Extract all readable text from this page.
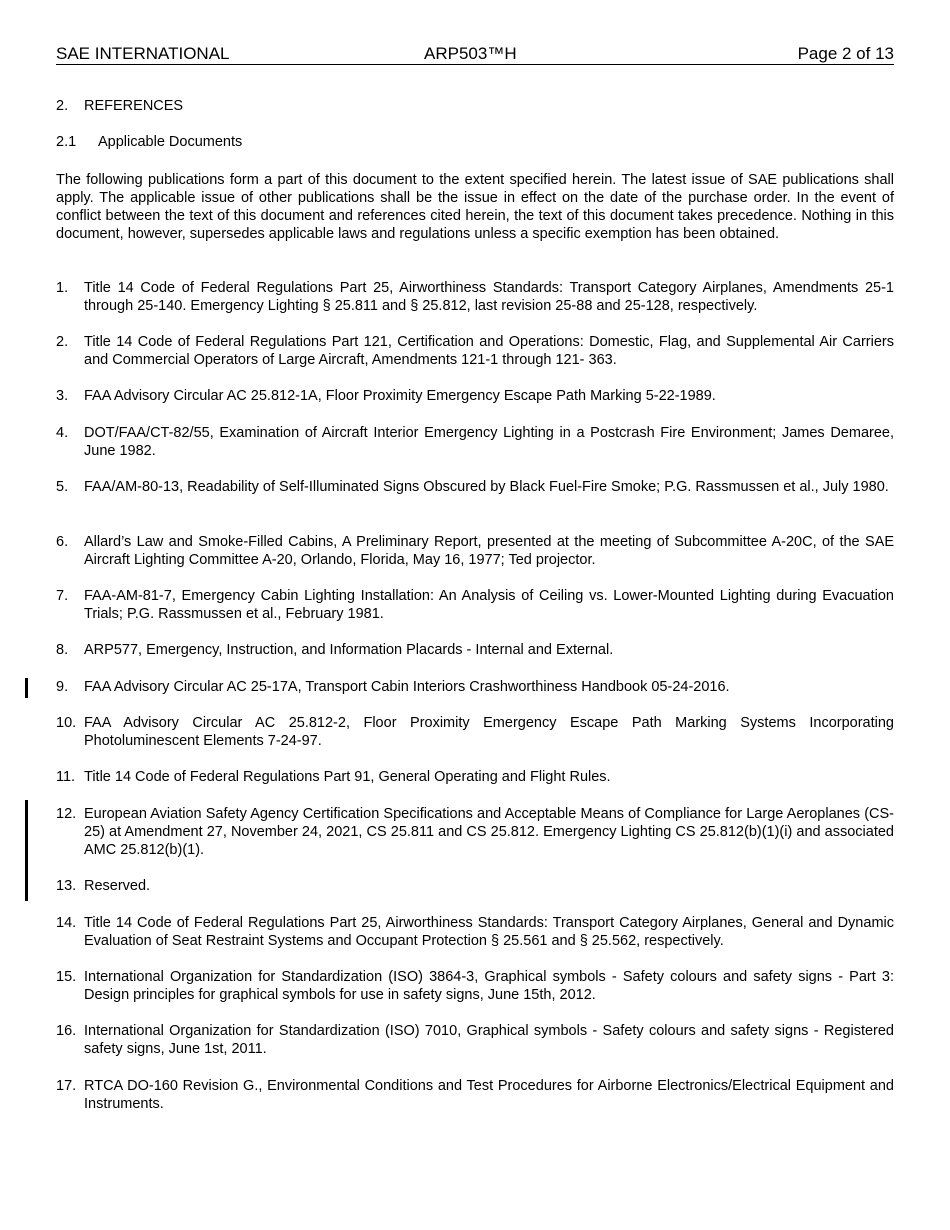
SAE INTERNATIONAL	ARP503™H	Page 2 of 13
2. REFERENCES
2.1 Applicable Documents

The following publications form a part of this document to the extent specified herein. The latest issue of SAE publications shall apply. The applicable issue of other publications shall be the issue in effect on the date of the purchase order. In the event of conflict between the text of this document and references cited herein, the text of this document takes precedence. Nothing in this document, however, supersedes applicable laws and regulations unless a specific exemption has been obtained.

1. Title 14 Code of Federal Regulations Part 25, Airworthiness Standards: Transport Category Airplanes, Amendments 25-1 through 25-140. Emergency Lighting § 25.811 and § 25.812, last revision 25-88 and 25-128, respectively.
2. Title 14 Code of Federal Regulations Part 121, Certification and Operations: Domestic, Flag, and Supplemental Air Carriers and Commercial Operators of Large Aircraft, Amendments 121-1 through 121- 363.
3. FAA Advisory Circular AC 25.812-1A, Floor Proximity Emergency Escape Path Marking 5-22-1989.
4. DOT/FAA/CT-82/55, Examination of Aircraft Interior Emergency Lighting in a Postcrash Fire Environment; James Demaree, June 1982.
5. FAA/AM-80-13, Readability of Self-Illuminated Signs Obscured by Black Fuel-Fire Smoke; P.G. Rassmussen et al., July 1980.
6. Allard’s Law and Smoke-Filled Cabins, A Preliminary Report, presented at the meeting of Subcommittee A-20C, of the SAE Aircraft Lighting Committee A-20, Orlando, Florida, May 16, 1977; Ted projector.
7. FAA-AM-81-7, Emergency Cabin Lighting Installation: An Analysis of Ceiling vs. Lower-Mounted Lighting during Evacuation Trials; P.G. Rassmussen et al., February 1981.
8. ARP577, Emergency, Instruction, and Information Placards - Internal and External.
9. FAA Advisory Circular AC 25-17A, Transport Cabin Interiors Crashworthiness Handbook 05-24-2016.
10. FAA Advisory Circular AC 25.812-2, Floor Proximity Emergency Escape Path Marking Systems Incorporating Photoluminescent Elements 7-24-97.
11. Title 14 Code of Federal Regulations Part 91, General Operating and Flight Rules.
12. European Aviation Safety Agency Certification Specifications and Acceptable Means of Compliance for Large Aeroplanes (CS-25) at Amendment 27, November 24, 2021, CS 25.811 and CS 25.812. Emergency Lighting CS 25.812(b)(1)(i) and associated AMC 25.812(b)(1).
13. Reserved.
14. Title 14 Code of Federal Regulations Part 25, Airworthiness Standards: Transport Category Airplanes, General and Dynamic Evaluation of Seat Restraint Systems and Occupant Protection § 25.561 and § 25.562, respectively.
15. International Organization for Standardization (ISO) 3864-3, Graphical symbols - Safety colours and safety signs - Part 3: Design principles for graphical symbols for use in safety signs, June 15th, 2012.
16. International Organization for Standardization (ISO) 7010, Graphical symbols - Safety colours and safety signs - Registered safety signs, June 1st, 2011.
17. RTCA DO-160 Revision G., Environmental Conditions and Test Procedures for Airborne Electronics/Electrical Equipment and Instruments.
